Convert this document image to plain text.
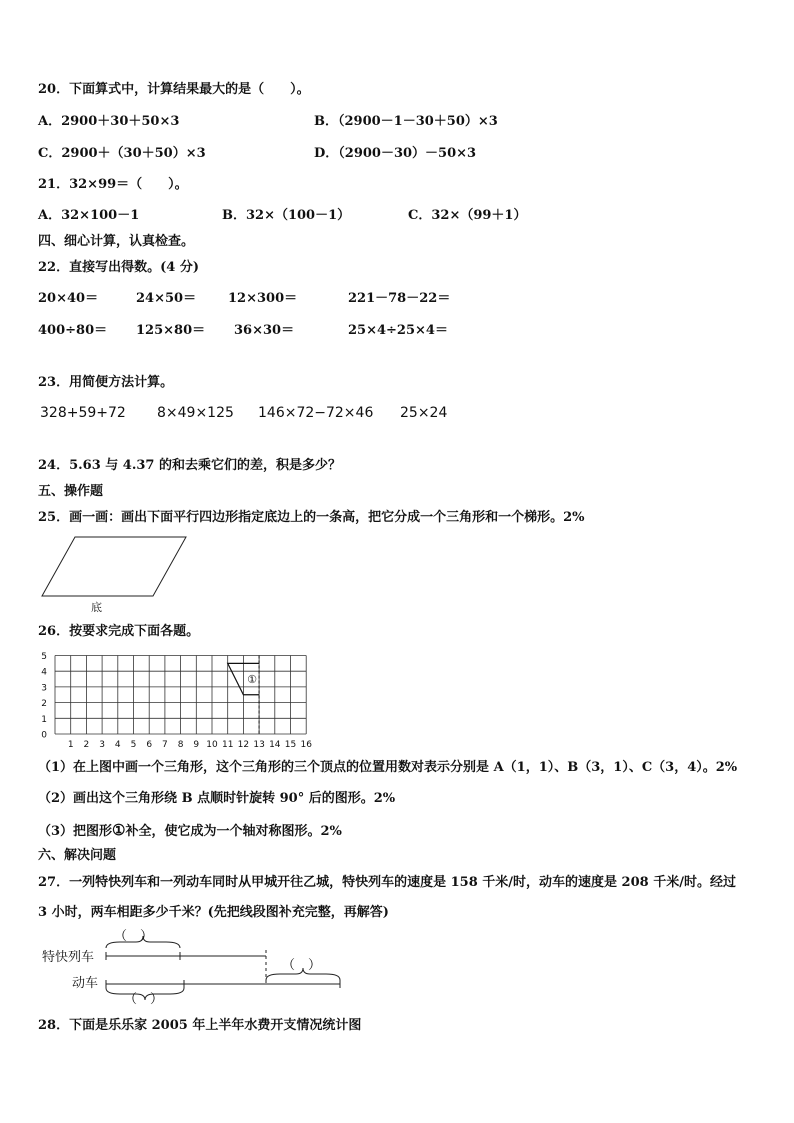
20．下面算式中，计算结果最大的是（　　）。
A．2900＋30＋50×3	B．（2900－1－30＋50）×3
C．2900＋（30＋50）×3	D．（2900－30）－50×3
21．32×99＝（　　）。
A．32×100－1	B．32×（100－1）	C．32×（99＋1）
四、细心计算，认真检查。
22．直接写出得数。(4 分)
20×40＝	24×50＝ 12×300＝	221－78－22＝
400÷80＝ 125×80＝ 36×30＝	25×4÷25×4＝
23．用简便方法计算。
328+59+72 8×49×125 146×72−72×46 25×24
24．5.63 与 4.37 的和去乘它们的差，积是多少？
五、操作题
25．画一画：画出下面平行四边形指定底边上的一条高，把它分成一个三角形和一个梯形。2%
底
26．按要求完成下面各题。
0
1
2
3
4
5
1 2 3 4 5 6 7 8 9 10 11 12 13 14 15 16
①
（1）在上图中画一个三角形，这个三角形的三个顶点的位置用数对表示分别是 A（1，1）、B（3，1）、C（3，4）。2%
（2）画出这个三角形绕 B 点顺时针旋转 90° 后的图形。2%
（3）把图形①补全，使它成为一个轴对称图形。2%
六、解决问题
27．一列特快列车和一列动车同时从甲城开往乙城，特快列车的速度是 158 千米/时，动车的速度是 208 千米/时。经过
3 小时，两车相距多少千米？(先把线段图补充完整，再解答)
特快列车
动车
（　）
（　）
（　）
28．下面是乐乐家 2005 年上半年水费开支情况统计图
